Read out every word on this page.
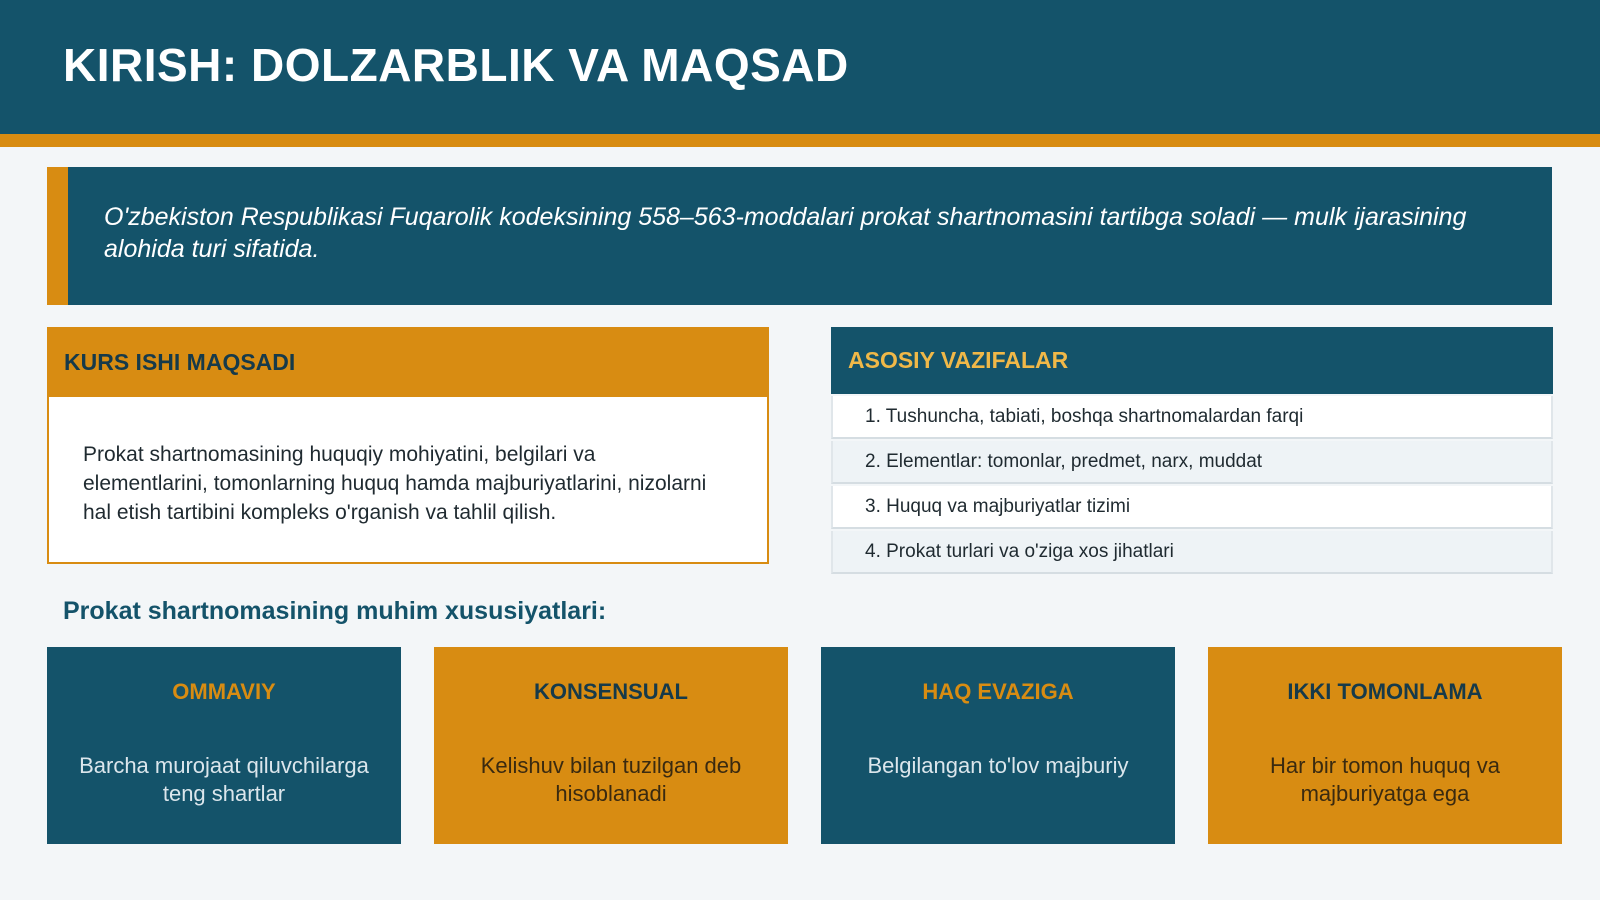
KIRISH: DOLZARBLIK VA MAQSAD
O'zbekiston Respublikasi Fuqarolik kodeksining 558–563-moddalari prokat shartnomasini tartibga soladi — mulk ijarasining alohida turi sifatida.
KURS ISHI MAQSADI
Prokat shartnomasining huquqiy mohiyatini, belgilari va elementlarini, tomonlarning huquq hamda majburiyatlarini, nizolarni hal etish tartibini kompleks o'rganish va tahlil qilish.
ASOSIY VAZIFALAR
1. Tushuncha, tabiati, boshqa shartnomalardan farqi
2. Elementlar: tomonlar, predmet, narx, muddat
3. Huquq va majburiyatlar tizimi
4. Prokat turlari va o'ziga xos jihatlari
Prokat shartnomasining muhim xususiyatlari:
OMMAVIY
Barcha murojaat qiluvchilarga teng shartlar
KONSENSUAL
Kelishuv bilan tuzilgan deb hisoblanadi
HAQ EVAZIGA
Belgilangan to'lov majburiy
IKKI TOMONLAMA
Har bir tomon huquq va majburiyatga ega
